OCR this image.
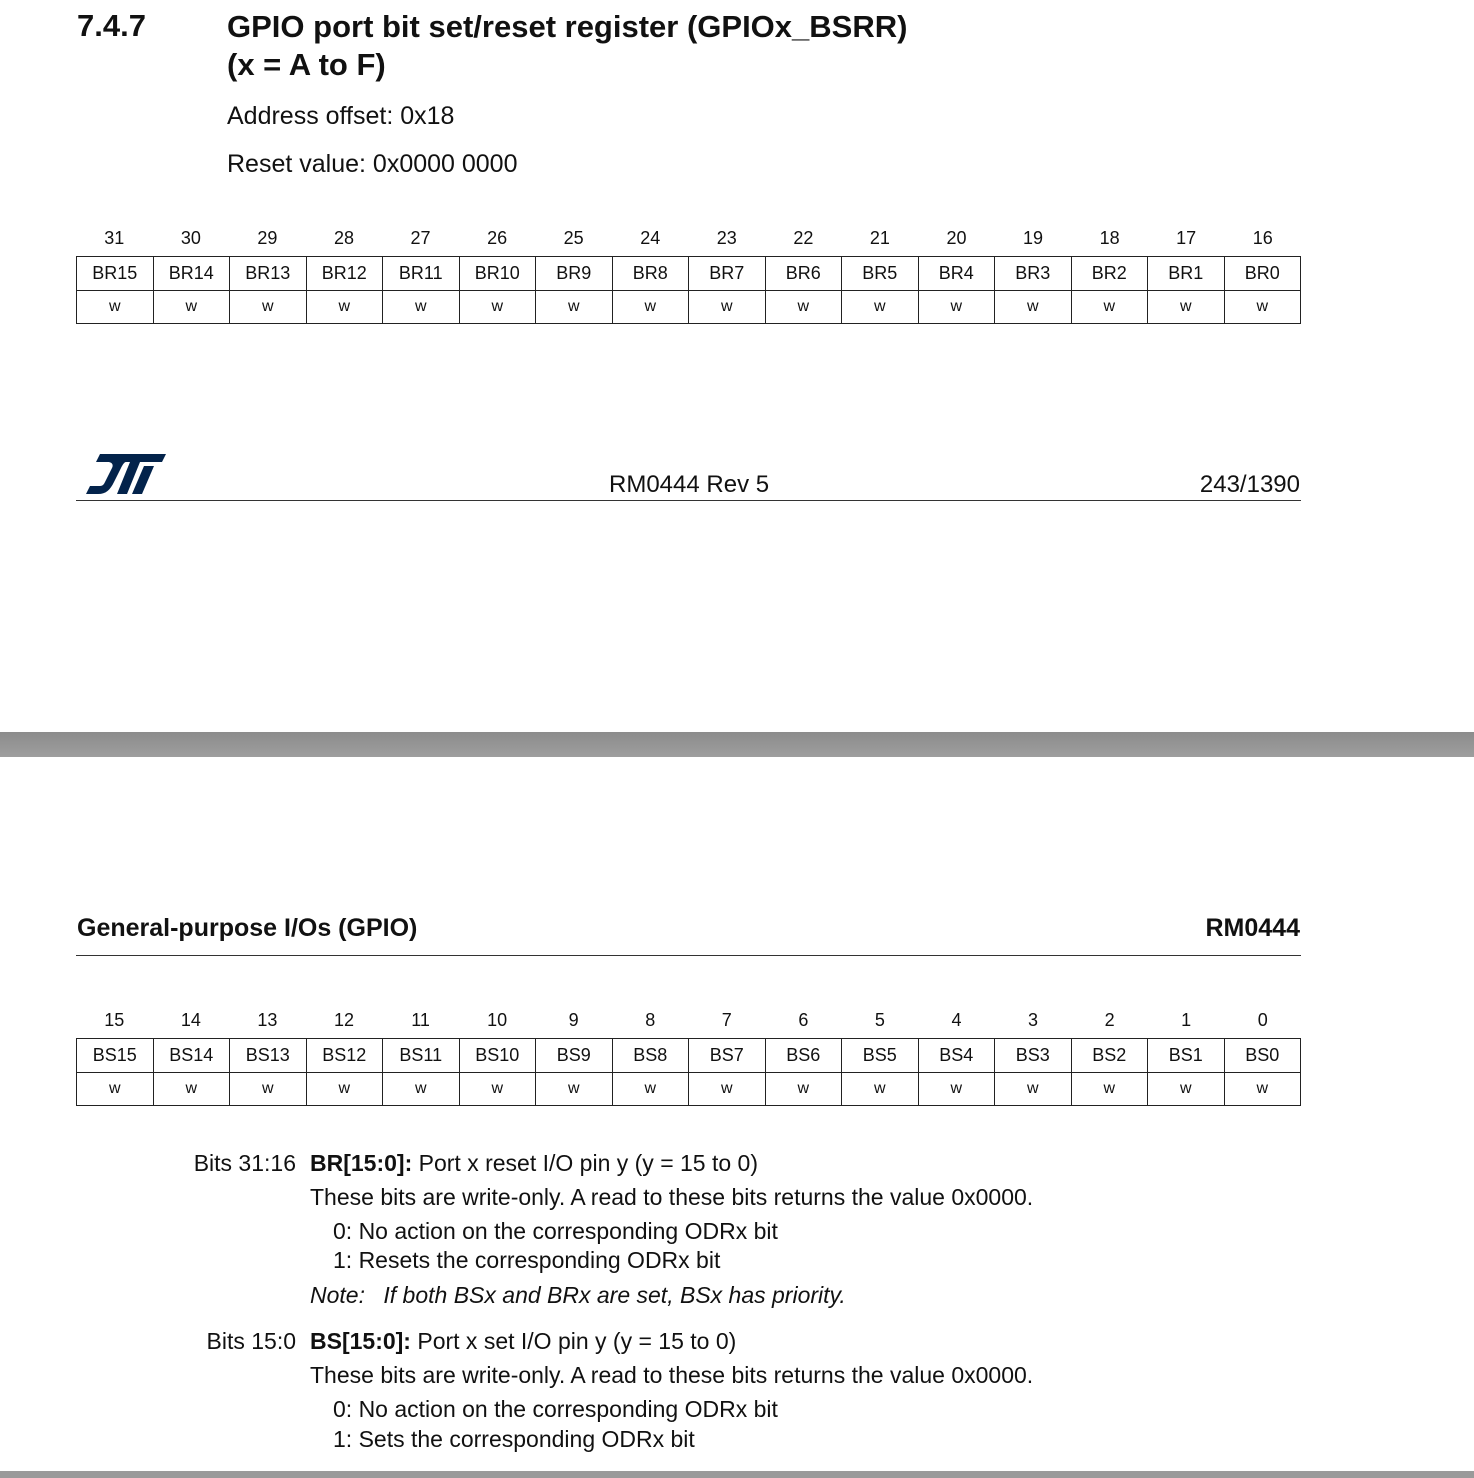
7.4.7	GPIO port bit set/reset register (GPIOx_BSRR)
(x = A to F)
Address offset: 0x18
Reset value: 0x0000 0000
31	30	29	28	27	26	25	24	23	22	21	20	19	18	17	16
BR15	BR14	BR13	BR12	BR11	BR10	BR9	BR8	BR7	BR6	BR5	BR4	BR3	BR2	BR1	BR0
w	w	w	w	w	w	w	w	w	w	w	w	w	w	w	w
RM0444 Rev 5	243/1390
General-purpose I/Os (GPIO)	RM0444
15	14	13	12	11	10	9	8	7	6	5	4	3	2	1	0
BS15	BS14	BS13	BS12	BS11	BS10	BS9	BS8	BS7	BS6	BS5	BS4	BS3	BS2	BS1	BS0
w	w	w	w	w	w	w	w	w	w	w	w	w	w	w	w
Bits 31:16 BR[15:0]: Port x reset I/O pin y (y = 15 to 0)
These bits are write-only. A read to these bits returns the value 0x0000.
0: No action on the corresponding ODRx bit
1: Resets the corresponding ODRx bit
Note: If both BSx and BRx are set, BSx has priority.
Bits 15:0 BS[15:0]: Port x set I/O pin y (y = 15 to 0)
These bits are write-only. A read to these bits returns the value 0x0000.
0: No action on the corresponding ODRx bit
1: Sets the corresponding ODRx bit
